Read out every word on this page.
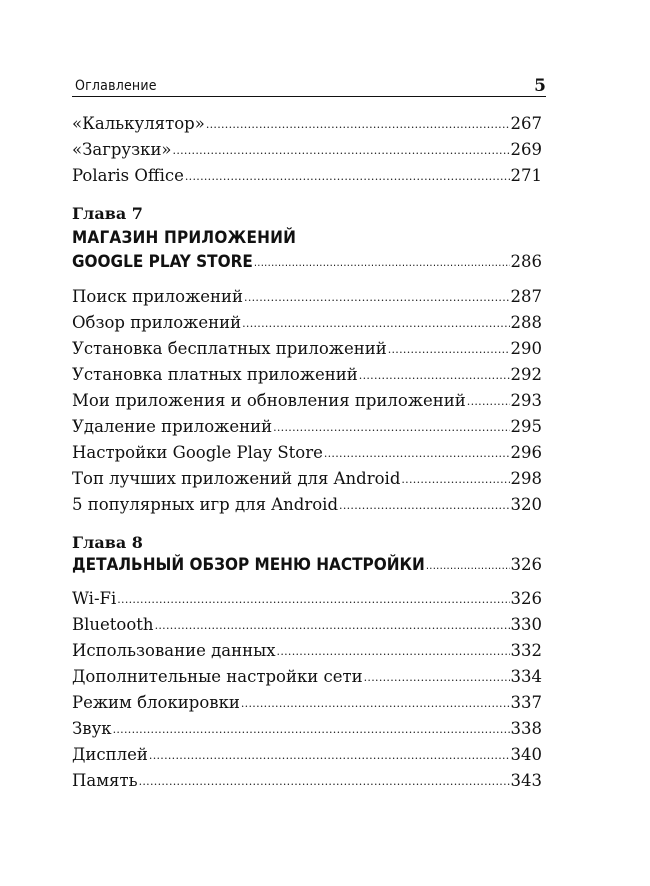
Оглавление	5
«Калькулятор» .....	267
«Загрузки» .....	269
Polaris Office .....	271
Глава 7
МАГАЗИН ПРИЛОЖЕНИЙ
GOOGLE PLAY STORE .....	286
Поиск приложений .....	287
Обзор приложений .....	288
Установка бесплатных приложений .....	290
Установка платных приложений .....	292
Мои приложения и обновления приложений .....	293
Удаление приложений .....	295
Настройки Google Play Store .....	296
Топ лучших приложений для Android .....	298
5 популярных игр для Android .....	320
Глава 8
ДЕТАЛЬНЫЙ ОБЗОР МЕНЮ НАСТРОЙКИ .....	326
Wi-Fi .....	326
Bluetooth .....	330
Использование данных .....	332
Дополнительные настройки сети .....	334
Режим блокировки .....	337
Звук .....	338
Дисплей .....	340
Память .....	343
